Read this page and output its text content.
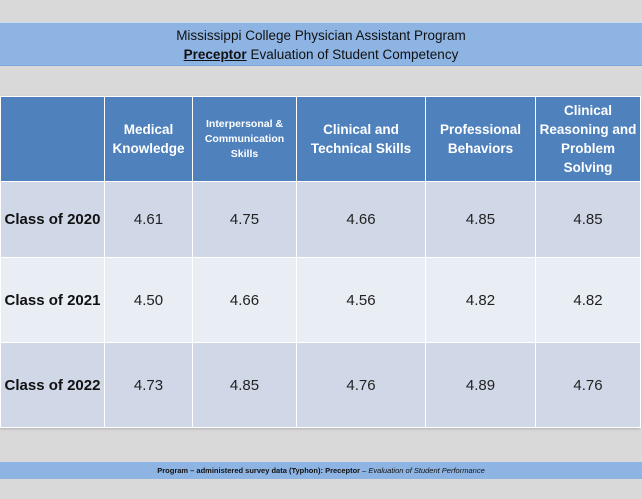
Mississippi College Physician Assistant Program
Preceptor Evaluation of Student Competency
	Medical Knowledge	Interpersonal & Communication Skills	Clinical and Technical Skills	Professional Behaviors	Clinical Reasoning and Problem Solving
Class of 2020	4.61	4.75	4.66	4.85	4.85
Class of 2021	4.50	4.66	4.56	4.82	4.82
Class of 2022	4.73	4.85	4.76	4.89	4.76
Program – administered survey data (Typhon): Preceptor – Evaluation of Student Performance
